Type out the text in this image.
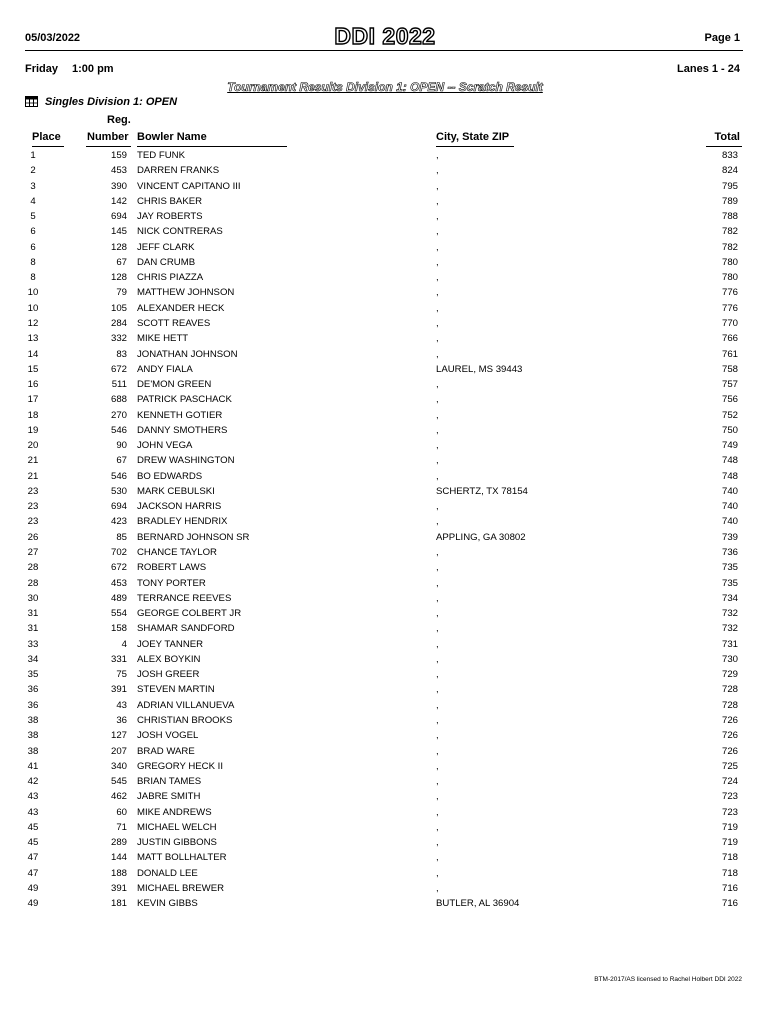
05/03/2022	DDI 2022	Page 1
Friday 1:00 pm	Lanes 1 - 24
Tournament Results Division 1: OPEN -- Scratch Result
Singles Division 1: OPEN
Reg.
Place Number Bowler Name	City, State ZIP	Total
1	159 TED FUNK	,	833
2	453 DARREN FRANKS	,	824
3	390 VINCENT CAPITANO III	,	795
4	142 CHRIS BAKER	,	789
5	694 JAY ROBERTS	,	788
6	145 NICK CONTRERAS	,	782
6	128 JEFF CLARK	,	782
8	67 DAN CRUMB	,	780
8	128 CHRIS PIAZZA	,	780
10	79 MATTHEW JOHNSON	,	776
10	105 ALEXANDER HECK	,	776
12	284 SCOTT REAVES	,	770
13	332 MIKE HETT	,	766
14	83 JONATHAN JOHNSON	,	761
15	672 ANDY FIALA	LAUREL, MS 39443	758
16	511 DE'MON GREEN	,	757
17	688 PATRICK PASCHACK	,	756
18	270 KENNETH GOTIER	,	752
19	546 DANNY SMOTHERS	,	750
20	90 JOHN VEGA	,	749
21	67 DREW WASHINGTON	,	748
21	546 BO EDWARDS	,	748
23	530 MARK CEBULSKI	SCHERTZ, TX 78154	740
23	694 JACKSON HARRIS	,	740
23	423 BRADLEY HENDRIX	,	740
26	85 BERNARD JOHNSON SR	APPLING, GA 30802	739
27	702 CHANCE TAYLOR	,	736
28	672 ROBERT LAWS	,	735
28	453 TONY PORTER	,	735
30	489 TERRANCE REEVES	,	734
31	554 GEORGE COLBERT JR	,	732
31	158 SHAMAR SANDFORD	,	732
33	4 JOEY TANNER	,	731
34	331 ALEX BOYKIN	,	730
35	75 JOSH GREER	,	729
36	391 STEVEN MARTIN	,	728
36	43 ADRIAN VILLANUEVA	,	728
38	36 CHRISTIAN BROOKS	,	726
38	127 JOSH VOGEL	,	726
38	207 BRAD WARE	,	726
41	340 GREGORY HECK II	,	725
42	545 BRIAN TAMES	,	724
43	462 JABRE SMITH	,	723
43	60 MIKE ANDREWS	,	723
45	71 MICHAEL WELCH	,	719
45	289 JUSTIN GIBBONS	,	719
47	144 MATT BOLLHALTER	,	718
47	188 DONALD LEE	,	718
49	391 MICHAEL BREWER	,	716
49	181 KEVIN GIBBS	BUTLER, AL 36904	716
BTM-2017/AS licensed to Rachel Holbert DDI 2022
